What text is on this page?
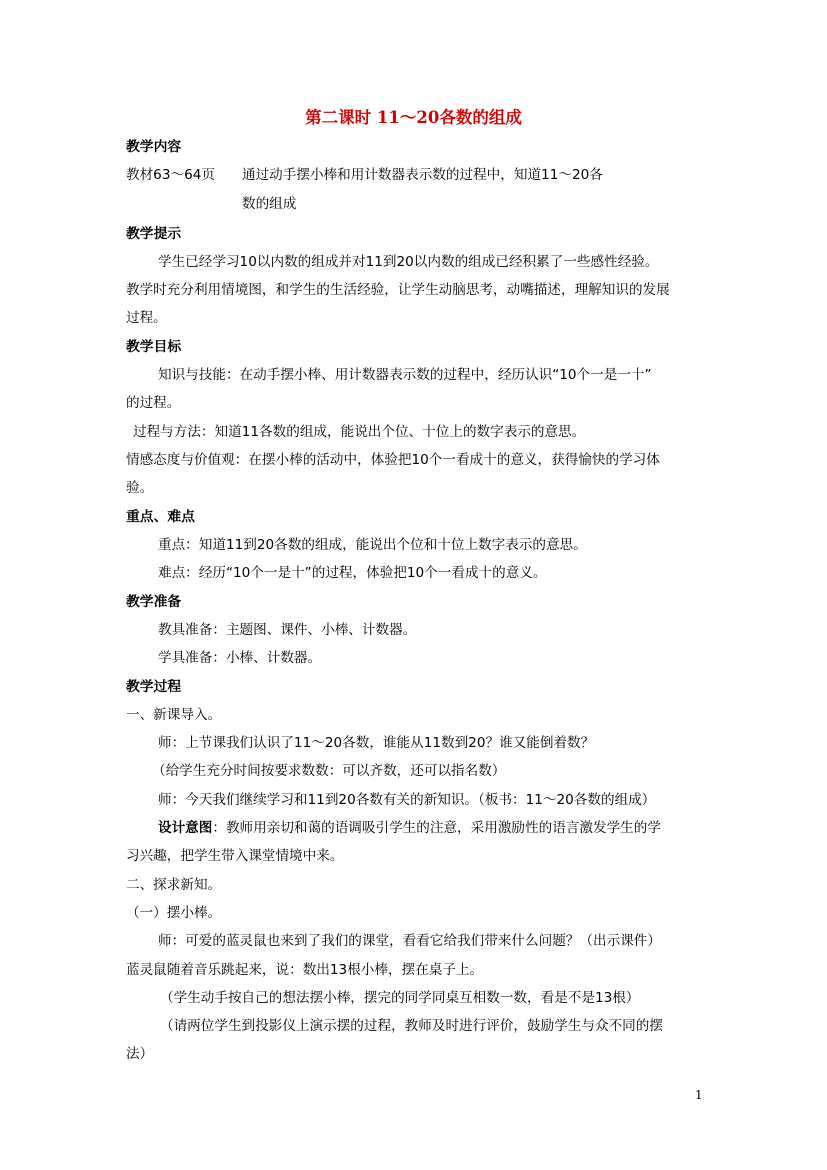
第二课时 11～20各数的组成
教学内容
教材63～64页 通过动手摆小棒和用计数器表示数的过程中，知道11～20各
数的组成
教学提示
学生已经学习10以内数的组成并对11到20以内数的组成已经积累了一些感性经验。
教学时充分利用情境图，和学生的生活经验，让学生动脑思考，动嘴描述，理解知识的发展
过程。
教学目标
知识与技能：在动手摆小棒、用计数器表示数的过程中，经历认识“10个一是一十”
的过程。
过程与方法：知道11各数的组成，能说出个位、十位上的数字表示的意思。
情感态度与价值观：在摆小棒的活动中，体验把10个一看成十的意义，获得愉快的学习体
验。
重点、难点
重点：知道11到20各数的组成，能说出个位和十位上数字表示的意思。
难点：经历“10个一是十”的过程，体验把10个一看成十的意义。
教学准备
教具准备：主题图、课件、小棒、计数器。
学具准备：小棒、计数器。
教学过程
一、新课导入。
师：上节课我们认识了11～20各数，谁能从11数到20？谁又能倒着数？
（给学生充分时间按要求数数：可以齐数，还可以指名数）
师：今天我们继续学习和11到20各数有关的新知识。（板书：11～20各数的组成）
设计意图：教师用亲切和蔼的语调吸引学生的注意，采用激励性的语言激发学生的学
习兴趣，把学生带入课堂情境中来。
二、探求新知。
（一）摆小棒。
师：可爱的蓝灵鼠也来到了我们的课堂，看看它给我们带来什么问题？（出示课件）
蓝灵鼠随着音乐跳起来，说：数出13根小棒，摆在桌子上。
（学生动手按自己的想法摆小棒，摆完的同学同桌互相数一数，看是不是13根）
（请两位学生到投影仪上演示摆的过程，教师及时进行评价，鼓励学生与众不同的摆
法）
1
